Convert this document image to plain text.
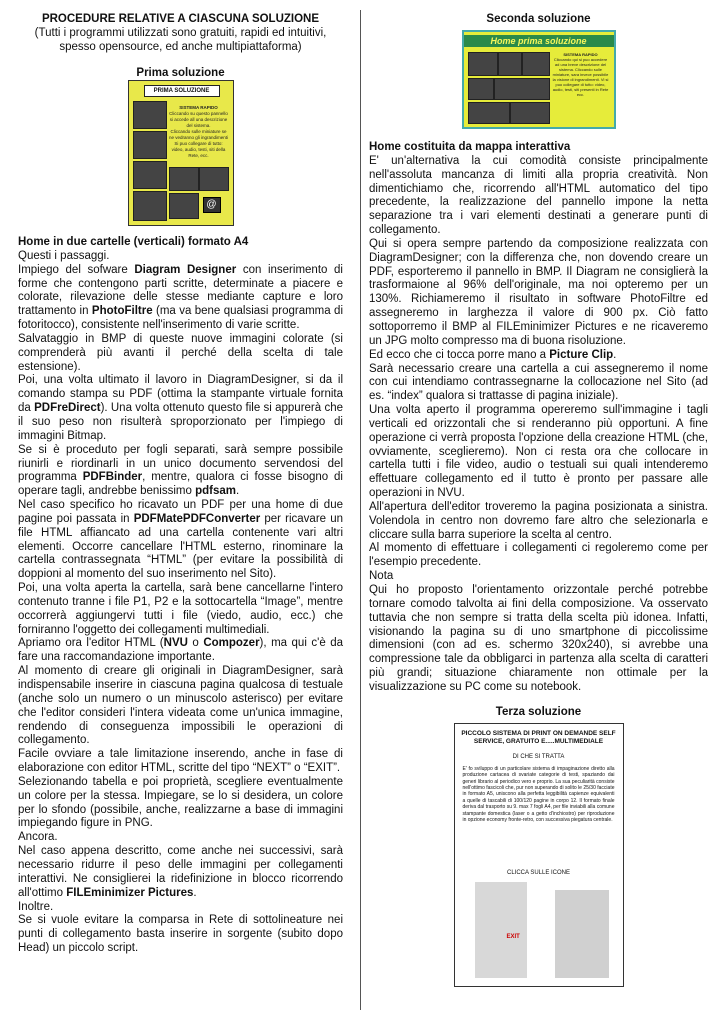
PROCEDURE RELATIVE A CIASCUNA SOLUZIONE

(Tutti i programmi utilizzati sono gratuiti, rapidi ed intuitivi, spesso opensource, ed anche multipiattaforma)

Prima soluzione

PRIMA SOLUZIONE
SISTEMA RAPIDO
Cliccando su questo pannello si accede all una descrizione del sistema.
Cliccando sulle miniature se ne vedranno gli ingrandimenti
Si puo collegare di tutto: video, audio, testi, siti della Rete, ecc.
@

Home in due cartelle (verticali) formato A4

Questi i passaggi.

Impiego del sofware Diagram Designer con inserimento di forme che contengono parti scritte, determinate a piacere e colorate, rilevazione delle stesse mediante capture e loro trattamento in PhotoFiltre (ma va bene qualsiasi programma di fotoritocco), consistente nell'inserimento di varie scritte.

Salvataggio in BMP di queste nuove immagini colorate (si comprenderà più avanti il perché della scelta di tale estensione).

Poi, una volta ultimato il lavoro in DiagramDesigner, si da il comando stampa su PDF (ottima la stampante virtuale fornita da PDFreDirect). Una volta ottenuto questo file si appurerà che il suo peso non risulterà sproporzionato per l'impiego di immagini Bitmap.

Se si è proceduto per fogli separati, sarà sempre possibile riunirli e riordinarli in un unico documento servendosi del programma PDFBinder, mentre, qualora ci fosse bisogno di operare tagli, andrebbe benissimo pdfsam.

Nel caso specifico ho ricavato un PDF per una home di due pagine poi passata in PDFMatePDFConverter per ricavare un file HTML affiancato ad una cartella contenente vari altri elementi. Occorre cancellare l'HTML esterno, rinominare la cartella contrassegnata “HTML” (per evitare la possibilità di doppioni al momento del suo inserimento nel Sito).

Poi, una volta aperta la cartella, sarà bene cancellarne l'intero contenuto tranne i file P1, P2 e la sottocartella “Image”, mentre occorrerà aggiungervi tutti i file (viedo, audio, ecc.) che forniranno l'oggetto dei collegamenti multimediali.

Apriamo ora l'editor HTML (NVU o Compozer), ma qui c'è da fare una raccomandazione importante.

Al momento di creare gli originali in DiagramDesigner, sarà indispensabile inserire in ciascuna pagina qualcosa di testuale (anche solo un numero o un minuscolo asterisco) per evitare che l'editor consideri l'intera videata come un'unica immagine, rendendo di conseguenza impossibili le operazioni di collegamento.

Facile ovviare a tale limitazione inserendo, anche in fase di elaborazione con editor HTML, scritte del tipo “NEXT” o “EXIT”.

Selezionando tabella e poi proprietà, scegliere eventualmente un colore per la stessa. Impiegare, se lo si desidera, un colore per lo sfondo (possibile, anche, realizzarne a base di immagini impiegando figure in PNG.

Ancora.

Nel caso appena descritto, come anche nei successivi, sarà necessario ridurre il peso delle immagini per collegamenti interattivi. Ne consiglierei la ridefinizione in blocco ricorrendo all'ottimo FILEminimizer Pictures.

Inoltre.

Se si vuole evitare la comparsa in Rete di sottolineature nei punti di collegamento basta inserire in sorgente (subito dopo Head) un piccolo script.

Seconda soluzione

Home prima soluzione
SISTEMA RAPIDO
Cliccando qui si puo accedere ad una breve descrizione del sistema. Cliccando sulle miniature, sara invece possibile la visione di ingrandimenti. Vi si puo collegare di tutto: video, audio, testi, siti presenti in Rete ecc.

Home costituita da mappa interattiva

E' un'alternativa la cui comodità consiste principalmente nell'assoluta mancanza di limiti alla propria creatività. Non dimentichiamo che, ricorrendo all'HTML automatico del tipo precedente, la realizzazione del pannello impone la netta separazione tra i vari elementi destinati a generare punti di collegamento.

Qui si opera sempre partendo da composizione realizzata con DiagramDesigner; con la differenza che, non dovendo creare un PDF, esporteremo il pannello in BMP. Il Diagram ne consiglierà la trasformaione al 96% dell'originale, ma noi opteremo per un 130%. Richiameremo il risultato in software PhotoFiltre ed assegneremo in larghezza il valore di 900 px. Ciò fatto sottoporremo il BMP al FILEminimizer Pictures e ne ricaveremo un JPG molto compresso ma di buona risoluzione.

Ed ecco che ci tocca porre mano a Picture Clip.

Sarà necessario creare una cartella a cui assegneremo il nome con cui intendiamo contrassegnarne la collocazione nel Sito (ad es. “index” qualora si trattasse di pagina iniziale).

Una volta aperto il programma opereremo sull'immagine i tagli verticali ed orizzontali che si renderanno più opportuni. A fine operazione ci verrà proposta l'opzione della creazione HTML (che, ovviamente, sceglieremo). Non ci resta ora che collocare in cartella tutti i file video, audio o testuali sui quali intenderemo effettuare collegamento ed il tutto è pronto per passare alle operazioni in NVU.

All'apertura dell'editor troveremo la pagina posizionata a sinistra. Volendola in centro non dovremo fare altro che selezionarla e cliccare sulla barra superiore la scelta al centro.

Al momento di effettuare i collegamenti ci regoleremo come per l'esempio precedente.

Nota

Qui ho proposto l'orientamento orizzontale perché potrebbe tornare comodo talvolta ai fini della composizione. Va osservato tuttavia che non sempre si tratta della scelta più idonea. Infatti, visionando la pagina su di uno smartphone di piccolissime dimensioni (con ad es. schermo 320x240), si avrebbe una compressione tale da obbligarci in partenza alla scelta di caratteri più grandi; situazione chiaramente non ottimale per la visualizzazione su PC come su notebook.

Terza soluzione

PICCOLO SISTEMA DI PRINT ON DEMANDE SELF SERVICE, GRATUITO E.....MULTIMEDIALE
DI CHE SI TRATTA
E' fo sviluppo di un particolare sistema di impaginazione diretto alla produzione cartacea di svariate categorie di testi, spaziando dai generi librario al periodico vero e proprio. La sua peculiarità consiste nell'ottimo fascicoli che, pur non superando di solito le 25/30 facciate in formato A5, uniscono alla perfetta leggibilità capienze equivalenti a quelle di tascabili di 100/120 pagine in corpo 12. Il formato finale deriva dal trasporto su 9. max 7 fogli A4, per file inviabili alla comune stampante domestica (laser o a getto d'inchiostro) per riproduzione in opzione economy fronte-retro, con successiva piegatura centrale.
CLICCA SULLE ICONE
EXIT
